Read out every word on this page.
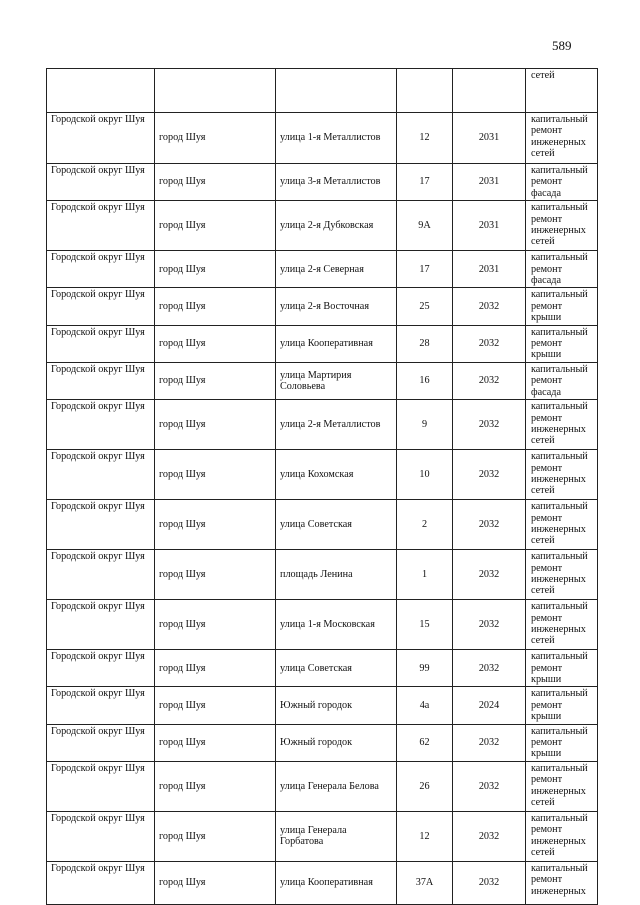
589
					сетей
Городской округ Шуя	город Шуя	улица 1-я Металлистов	12	2031	капитальный ремонт инженерных сетей
Городской округ Шуя	город Шуя	улица 3-я Металлистов	17	2031	капитальный ремонт фасада
Городской округ Шуя	город Шуя	улица 2-я Дубковская	9А	2031	капитальный ремонт инженерных сетей
Городской округ Шуя	город Шуя	улица 2-я Северная	17	2031	капитальный ремонт фасада
Городской округ Шуя	город Шуя	улица 2-я Восточная	25	2032	капитальный ремонт крыши
Городской округ Шуя	город Шуя	улица Кооперативная	28	2032	капитальный ремонт крыши
Городской округ Шуя	город Шуя	улица Мартирия Соловьева	16	2032	капитальный ремонт фасада
Городской округ Шуя	город Шуя	улица 2-я Металлистов	9	2032	капитальный ремонт инженерных сетей
Городской округ Шуя	город Шуя	улица Кохомская	10	2032	капитальный ремонт инженерных сетей
Городской округ Шуя	город Шуя	улица Советская	2	2032	капитальный ремонт инженерных сетей
Городской округ Шуя	город Шуя	площадь Ленина	1	2032	капитальный ремонт инженерных сетей
Городской округ Шуя	город Шуя	улица 1-я Московская	15	2032	капитальный ремонт инженерных сетей
Городской округ Шуя	город Шуя	улица Советская	99	2032	капитальный ремонт крыши
Городской округ Шуя	город Шуя	Южный городок	4а	2024	капитальный ремонт крыши
Городской округ Шуя	город Шуя	Южный городок	62	2032	капитальный ремонт крыши
Городской округ Шуя	город Шуя	улица Генерала Белова	26	2032	капитальный ремонт инженерных сетей
Городской округ Шуя	город Шуя	улица Генерала Горбатова	12	2032	капитальный ремонт инженерных сетей
Городской округ Шуя	город Шуя	улица Кооперативная	37А	2032	капитальный ремонт инженерных
